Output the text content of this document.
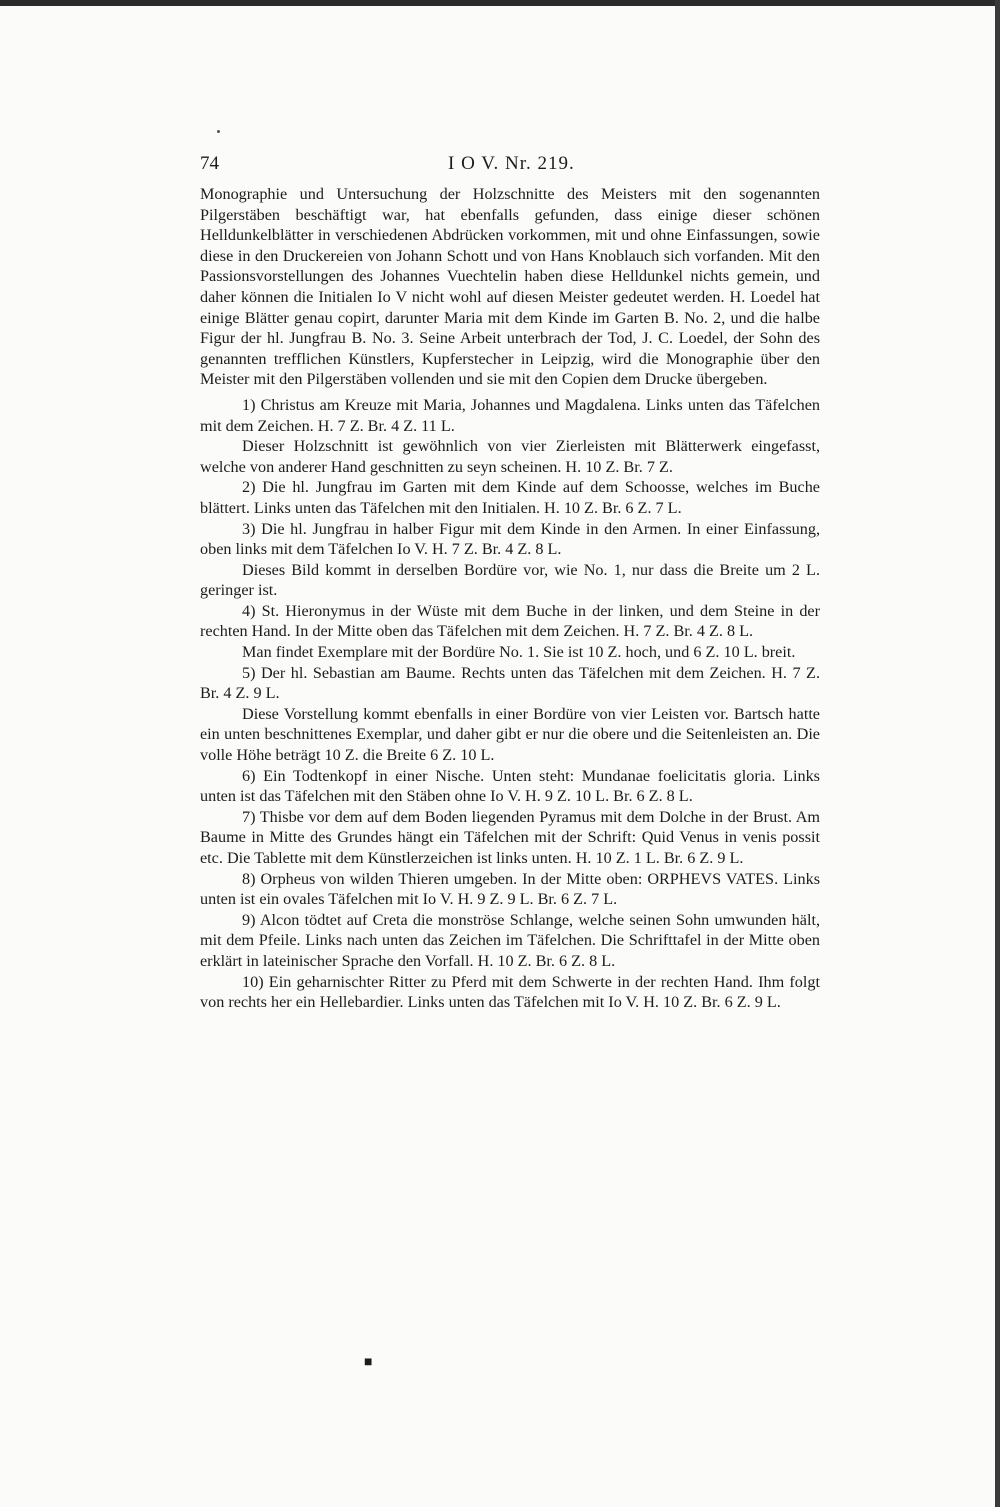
74	I O V. Nr. 219.

Monographie und Untersuchung der Holzschnitte des Meisters mit den sogenannten Pilgerstäben beschäftigt war, hat ebenfalls gefunden, dass einige dieser schönen Helldunkelblätter in verschiedenen Abdrücken vorkommen, mit und ohne Einfassungen, sowie diese in den Druckereien von Johann Schott und von Hans Knoblauch sich vorfanden. Mit den Passionsvorstellungen des Johannes Vuechtelin haben diese Helldunkel nichts gemein, und daher können die Initialen Io V nicht wohl auf diesen Meister gedeutet werden. H. Loedel hat einige Blätter genau copirt, darunter Maria mit dem Kinde im Garten B. No. 2, und die halbe Figur der hl. Jungfrau B. No. 3. Seine Arbeit unterbrach der Tod, J. C. Loedel, der Sohn des genannten trefflichen Künstlers, Kupferstecher in Leipzig, wird die Monographie über den Meister mit den Pilgerstäben vollenden und sie mit den Copien dem Drucke übergeben.

1) Christus am Kreuze mit Maria, Johannes und Magdalena. Links unten das Täfelchen mit dem Zeichen. H. 7 Z. Br. 4 Z. 11 L.

Dieser Holzschnitt ist gewöhnlich von vier Zierleisten mit Blätterwerk eingefasst, welche von anderer Hand geschnitten zu seyn scheinen. H. 10 Z. Br. 7 Z.

2) Die hl. Jungfrau im Garten mit dem Kinde auf dem Schoosse, welches im Buche blättert. Links unten das Täfelchen mit den Initialen. H. 10 Z. Br. 6 Z. 7 L.

3) Die hl. Jungfrau in halber Figur mit dem Kinde in den Armen. In einer Einfassung, oben links mit dem Täfelchen Io V. H. 7 Z. Br. 4 Z. 8 L.

Dieses Bild kommt in derselben Bordüre vor, wie No. 1, nur dass die Breite um 2 L. geringer ist.

4) St. Hieronymus in der Wüste mit dem Buche in der linken, und dem Steine in der rechten Hand. In der Mitte oben das Täfelchen mit dem Zeichen. H. 7 Z. Br. 4 Z. 8 L.

Man findet Exemplare mit der Bordüre No. 1. Sie ist 10 Z. hoch, und 6 Z. 10 L. breit.

5) Der hl. Sebastian am Baume. Rechts unten das Täfelchen mit dem Zeichen. H. 7 Z. Br. 4 Z. 9 L.

Diese Vorstellung kommt ebenfalls in einer Bordüre von vier Leisten vor. Bartsch hatte ein unten beschnittenes Exemplar, und daher gibt er nur die obere und die Seitenleisten an. Die volle Höhe beträgt 10 Z. die Breite 6 Z. 10 L.

6) Ein Todtenkopf in einer Nische. Unten steht: Mundanae foelicitatis gloria. Links unten ist das Täfelchen mit den Stäben ohne Io V. H. 9 Z. 10 L. Br. 6 Z. 8 L.

7) Thisbe vor dem auf dem Boden liegenden Pyramus mit dem Dolche in der Brust. Am Baume in Mitte des Grundes hängt ein Täfelchen mit der Schrift: Quid Venus in venis possit etc. Die Tablette mit dem Künstlerzeichen ist links unten. H. 10 Z. 1 L. Br. 6 Z. 9 L.

8) Orpheus von wilden Thieren umgeben. In der Mitte oben: ORPHEVS VATES. Links unten ist ein ovales Täfelchen mit Io V. H. 9 Z. 9 L. Br. 6 Z. 7 L.

9) Alcon tödtet auf Creta die monströse Schlange, welche seinen Sohn umwunden hält, mit dem Pfeile. Links nach unten das Zeichen im Täfelchen. Die Schrifttafel in der Mitte oben erklärt in lateinischer Sprache den Vorfall. H. 10 Z. Br. 6 Z. 8 L.

10) Ein geharnischter Ritter zu Pferd mit dem Schwerte in der rechten Hand. Ihm folgt von rechts her ein Hellebardier. Links unten das Täfelchen mit Io V. H. 10 Z. Br. 6 Z. 9 L.

■
